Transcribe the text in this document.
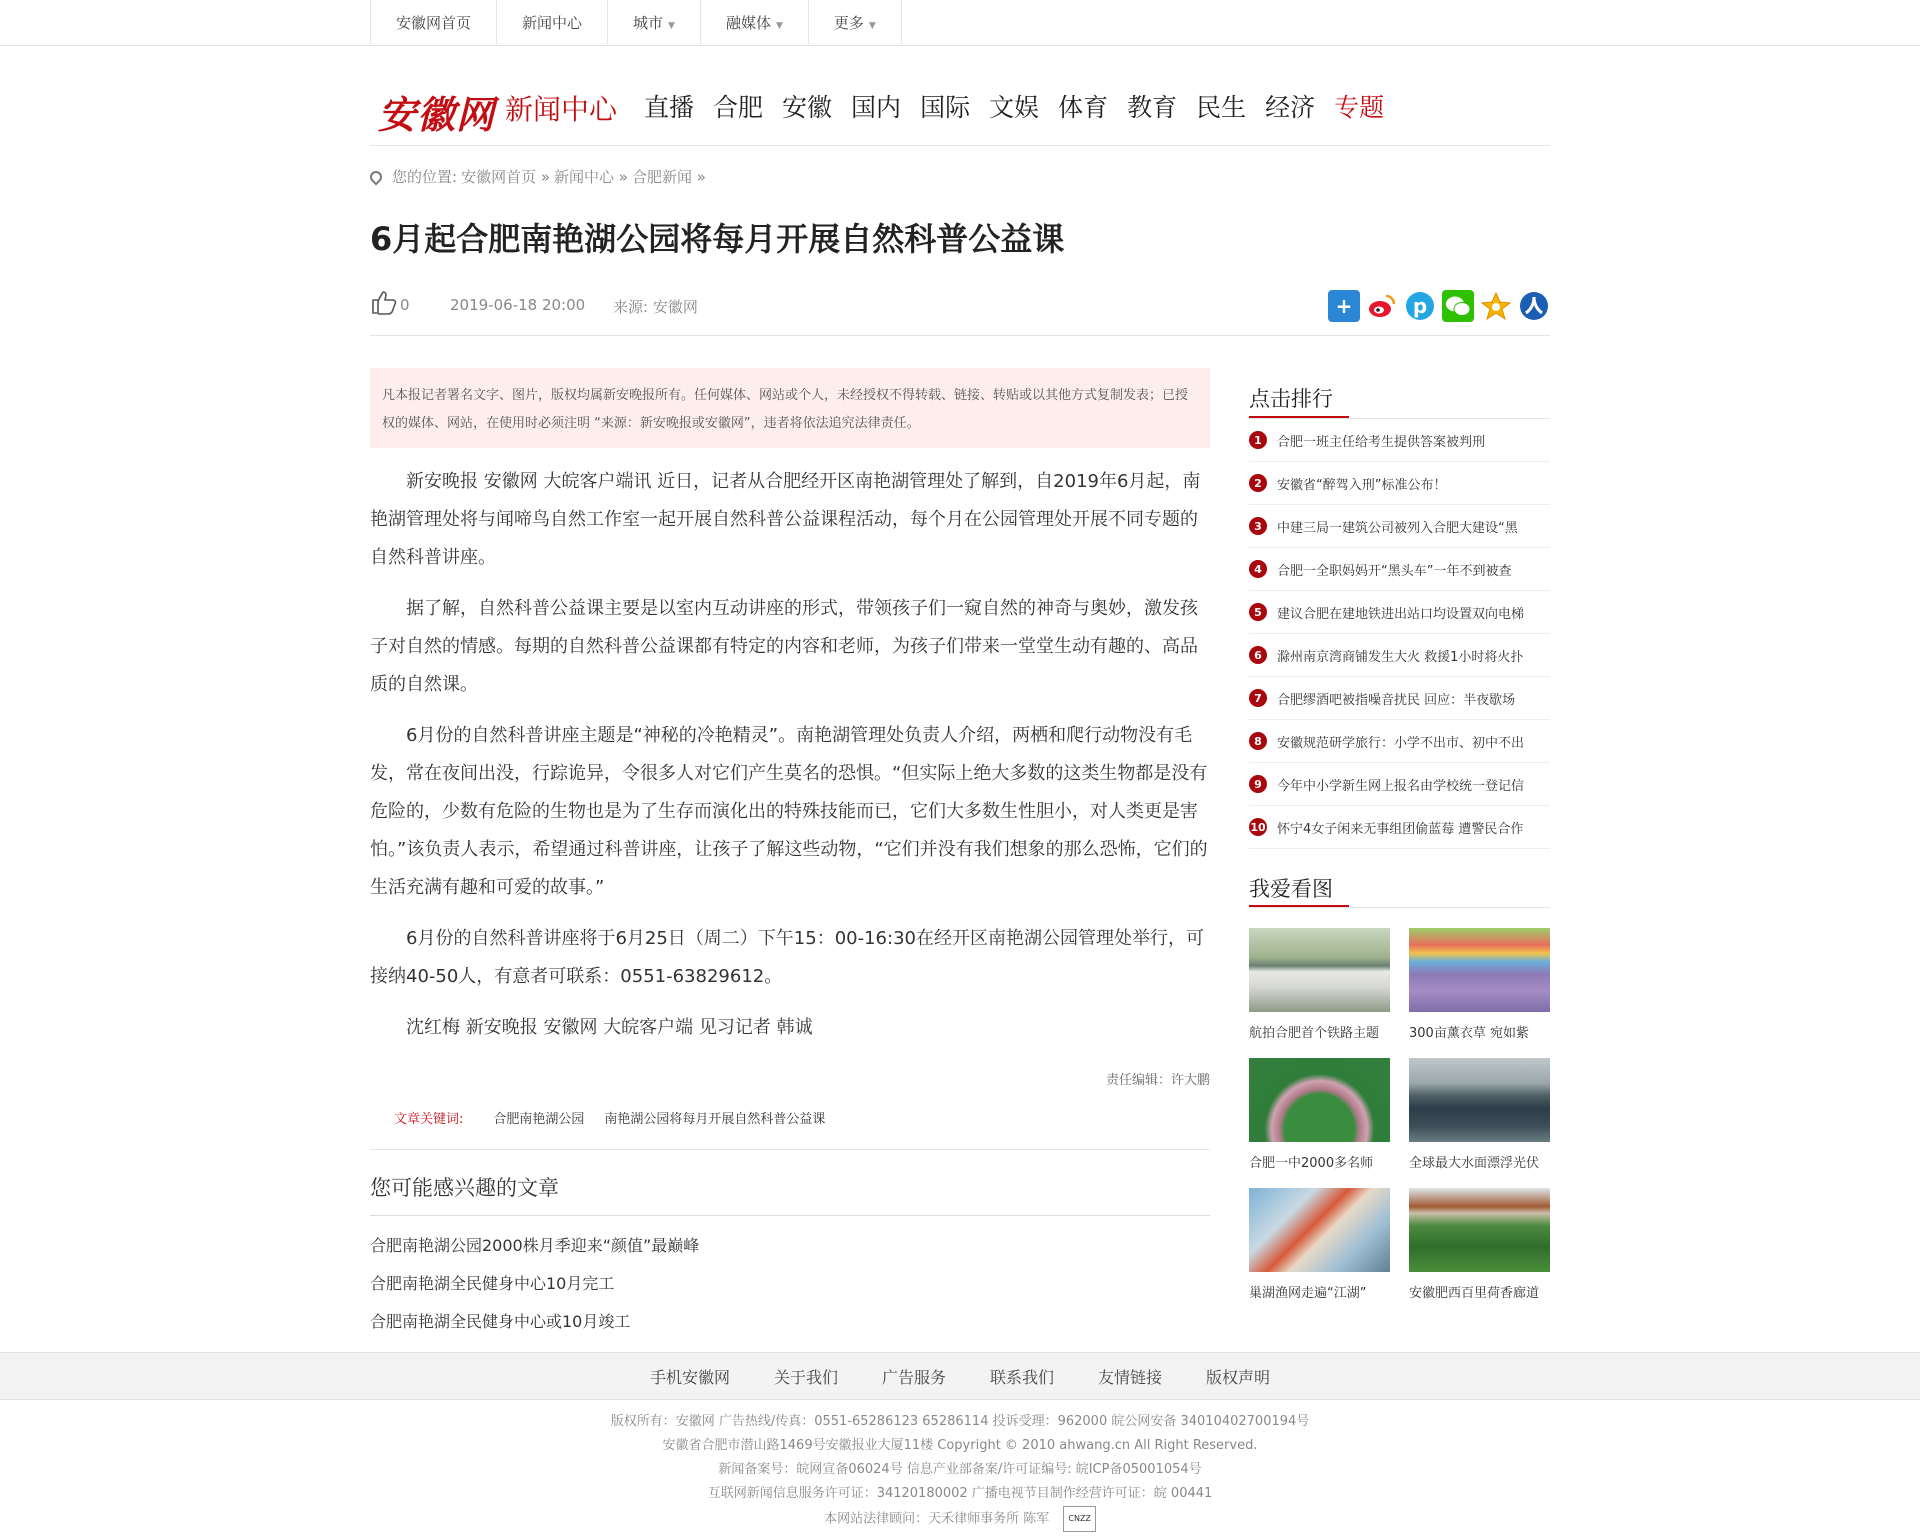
安徽网首页	新闻中心	城市 ▼	融媒体 ▼	更多 ▼
安徽网 新闻中心 直播 合肥 安徽 国内 国际 文娱 体育 教育 民生 经济 专题
您的位置: 安徽网首页 » 新闻中心 » 合肥新闻 »
6月起合肥南艳湖公园将每月开展自然科普公益课
0	2019-06-18 20:00 来源: 安徽网	+	p
凡本报记者署名文字、图片，版权均属新安晚报所有。任何媒体、网站或个人，未经授权不得转载、链接、转贴或以其他方式复制发表；已授权的媒体、网站，在使用时必须注明 “来源：新安晚报或安徽网”，违者将依法追究法律责任。

新安晚报 安徽网 大皖客户端讯 近日，记者从合肥经开区南艳湖管理处了解到，自2019年6月起，南艳湖管理处将与闻啼鸟自然工作室一起开展自然科普公益课程活动，每个月在公园管理处开展不同专题的自然科普讲座。

据了解，自然科普公益课主要是以室内互动讲座的形式，带领孩子们一窥自然的神奇与奥妙，激发孩子对自然的情感。每期的自然科普公益课都有特定的内容和老师，为孩子们带来一堂堂生动有趣的、高品质的自然课。

6月份的自然科普讲座主题是“神秘的冷艳精灵”。南艳湖管理处负责人介绍，两栖和爬行动物没有毛发，常在夜间出没，行踪诡异，令很多人对它们产生莫名的恐惧。“但实际上绝大多数的这类生物都是没有危险的，少数有危险的生物也是为了生存而演化出的特殊技能而已，它们大多数生性胆小，对人类更是害怕。”该负责人表示，希望通过科普讲座，让孩子了解这些动物，“它们并没有我们想象的那么恐怖，它们的生活充满有趣和可爱的故事。”

6月份的自然科普讲座将于6月25日（周二）下午15：00-16:30在经开区南艳湖公园管理处举行，可接纳40-50人，有意者可联系：0551-63829612。

沈红梅 新安晚报 安徽网 大皖客户端 见习记者 韩诚

责任编辑：许大鹏
文章关键词: 合肥南艳湖公园 南艳湖公园将每月开展自然科普公益课
您可能感兴趣的文章
合肥南艳湖公园2000株月季迎来“颜值”最巅峰
合肥南艳湖全民健身中心10月完工
合肥南艳湖全民健身中心或10月竣工
点击排行
1	合肥一班主任给考生提供答案被判刑
2	安徽省“醉驾入刑”标准公布！
3	中建三局一建筑公司被列入合肥大建设“黑
4	合肥一全职妈妈开“黑头车”一年不到被查
5	建议合肥在建地铁进出站口均设置双向电梯
6	滁州南京湾商铺发生大火 救援1小时将火扑
7	合肥缪酒吧被指噪音扰民 回应：半夜歇场
8	安徽规范研学旅行：小学不出市、初中不出
9	今年中小学新生网上报名由学校统一登记信
10 怀宁4女子闲来无事组团偷蓝莓 遭警民合作
我爱看图
航拍合肥首个铁路主题	300亩薰衣草 宛如紫
合肥一中2000多名师	全球最大水面漂浮光伏
巢湖渔网走遍“江湖”	安徽肥西百里荷香廊道
手机安徽网	关于我们	广告服务	联系我们	友情链接	版权声明
版权所有：安徽网 广告热线/传真：0551-65286123 65286114 投诉受理：962000 皖公网安备 34010402700194号
安徽省合肥市潜山路1469号安徽报业大厦11楼 Copyright © 2010 ahwang.cn All Right Reserved.
新闻备案号：皖网宣备06024号 信息产业部备案/许可证编号: 皖ICP备05001054号
互联网新闻信息服务许可证：34120180002 广播电视节目制作经营许可证：皖 00441
本网站法律顾问：天禾律师事务所 陈军 CNZZ
